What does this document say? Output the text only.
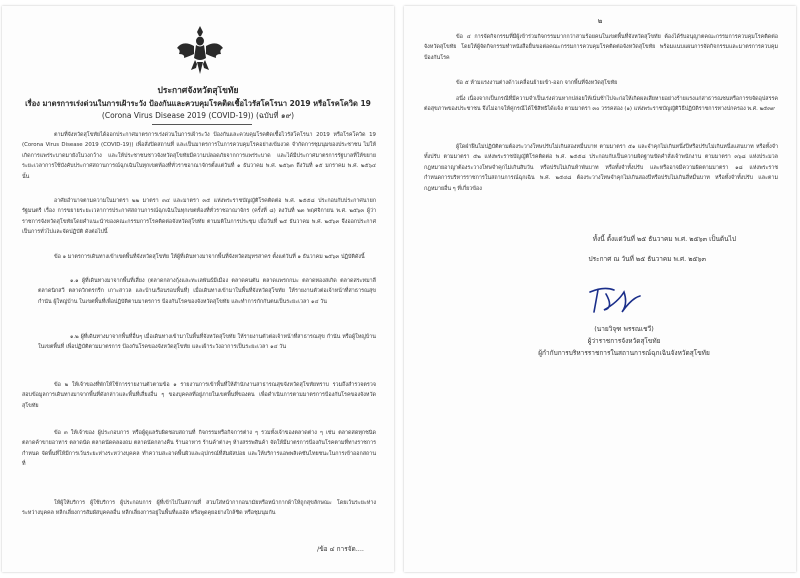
ประกาศจังหวัดสุโขทัย
เรื่อง มาตรการเร่งด่วนในการเฝ้าระวัง ป้องกันและควบคุมโรคติดเชื้อไวรัสโคโรนา 2019 หรือโรคโควิด 19
(Corona Virus Disease 2019 (COVID-19)) (ฉบับที่ ๑๙)
ตามที่จังหวัดสุโขทัยได้ออกประกาศมาตรการเร่งด่วนในการเฝ้าระวัง ป้องกันและควบคุมโรคติดเชื้อไวรัสโคโรนา 2019 หรือโรคโควิด 19 (Corona Virus Disease 2019 (COVID-19)) เพื่อสั่งปิดสถานที่ และเป็นมาตรการในการควบคุมโรคอย่างเข้มงวด จำกัดการชุมนุมของประชาชน ไม่ให้เกิดการแพร่ระบาดมายังในวงกว้าง และให้ประชาชนชาวจังหวัดสุโขทัยมีความปลอดภัยจากการแพร่ระบาด และได้มีประกาศมาตรการรัฐบาลที่ให้ขยายระยะเวลาการใช้บังคับประกาศสถานการณ์ฉุกเฉินในทุกเขตท้องที่ทั่วราชอาณาจักรตั้งแต่วันที่ ๑ ธันวาคม พ.ศ. ๒๕๖๓ ถึงวันที่ ๑๕ มกราคม พ.ศ. ๒๕๖๔ นั้น
อาศัยอำนาจตามความในมาตรา ๒๒ มาตรา ๓๔ และมาตรา ๓๕ แห่งพระราชบัญญัติโรคติดต่อ พ.ศ. ๒๕๕๘ ประกอบกับประกาศนายกรัฐมนตรี เรื่อง การขยายระยะเวลาการประกาศสถานการณ์ฉุกเฉินในทุกเขตท้องที่ทั่วราชอาณาจักร (ครั้งที่ ๘) ลงวันที่ ๒๓ พฤศจิกายน พ.ศ. ๒๕๖๓ ผู้ว่าราชการจังหวัดสุโขทัยโดยคำแนะนำของคณะกรรมการโรคติดต่อจังหวัดสุโขทัย ตามมติในการประชุม เมื่อวันที่ ๒๕ ธันวาคม พ.ศ. ๒๕๖๓ จึงออกประกาศเป็นการทั่วไปและจัดปฏิบัติ ดังต่อไปนี้
ข้อ ๑ มาตรการเดินทางเข้าเขตพื้นที่จังหวัดสุโขทัย ให้ผู้ที่เดินทางมาจากพื้นที่จังหวัดสมุทรสาคร ตั้งแต่วันที่ ๑ ธันวาคม ๒๕๖๓ ปฏิบัติดังนี้
๑.๑ ผู้ที่เดินทางมาจากพื้นที่เสี่ยง (ตลาดกลางกุ้งและทะเลพันธ์มีเมือง ตลาดคนตัน ตลาดแพรกกมะ ตลาดทองสเกิด ตลาดสระทมาลี ตลาดนิกสวี ตลาดวิกตรกรีก เกาะสาวล และบ้านเรือนรอบพื้นที่) เมื่อเดินทางเข้ามาในพื้นที่จังหวัดสุโขทัย ให้รายงานตัวต่อเจ้าหน้าที่สาธารณสุข กำนัน ผู้ใหญ่บ้าน ในเขตพื้นที่เพื่อปฏิบัติตามมาตรการ ป้องกันโรคของจังหวัดสุโขทัย และทำการกักกันตนเป็นระยะเวลา ๑๔ วัน
๑.๒ ผู้ที่เดินทางมาจากพื้นที่อื่นๆ เมื่อเดินทางเข้ามาในพื้นที่จังหวัดสุโขทัย ให้รายงานตัวต่อเจ้าหน้าที่สาธารณสุข กำนัน หรือผู้ใหญ่บ้าน ในเขตพื้นที่ เพื่อปฏิบัติตามมาตรการ ป้องกันโรคของจังหวัดสุโขทัย และเฝ้าระวังอาการเป็นระยะเวลา ๑๔ วัน
ข้อ ๒ ให้เจ้าของที่พักให้ใช้การรายงานตัวตามข้อ ๑ รายงานการเข้าพื้นที่ให้สำนักงานสาธารณสุขจังหวัดสุโขทัยทราบ รวมถึงสำรวจตรวจสอบข้อมูลการเดินทางมาจากพื้นที่ดังกล่าวและพื้นที่เสี่ยงอื่น ๆ ของบุคคลที่อยู่ภายในเขตพื้นที่ของตน เพื่อดำเนินการตามมาตรการป้องกันโรคของจังหวัดสุโขทัย
ข้อ ๓ ให้เจ้าของ ผู้ประกอบการ หรือผู้ดูแลรับผิดชอบสถานที่ กิจกรรมหรือกิจการต่าง ๆ รวมทั้งเจ้าของตลาดต่าง ๆ เช่น ตลาดสดทุกชนิด ตลาดค้าขายอาหาร ตลาดนัด ตลาดนัดคลองถม ตลาดนัดกลางคืน ร้านอาหาร ร้านค้าต่างๆ ห้างสรรพสินค้า จัดให้มีมาตรการป้องกันโรคตามที่ทางราชการกำหนด จัดพื้นที่ให้มีการเว้นระยะห่างระหว่างบุคคล ทำความสะอาดพื้นผิวและอุปกรณ์ที่สัมผัสบ่อย และให้บริการแอพพลิเคชันไทยชนะในการเข้าออกสถานที่
ให้ผู้ให้บริการ ผู้ใช้บริการ ผู้ประกอบการ ผู้ที่เข้าไปในสถานที่ สวมใส่หน้ากากอนามัยหรือหน้ากากผ้าให้ถูกสุขลักษณะ โดยเว้นระยะห่างระหว่างบุคคล หลีกเลี่ยงการสัมผัสบุคคลอื่น หลีกเลี่ยงการอยู่ในพื้นที่แออัด หรือพูดคุยอย่างใกล้ชิด หรือชุมนุมกัน
/ข้อ ๔ การจัด....
๒
ข้อ ๔ การจัดกิจกรรมที่มีผู้เข้าร่วมกิจกรรมมากกว่าสามร้อยคนในเขตพื้นที่จังหวัดสุโขทัย ต้องได้รับอนุญาตคณะกรรมการควบคุมโรคติดต่อจังหวัดสุโขทัย โดยให้ผู้จัดกิจกรรมทำหนังสือยื่นขอต่อคณะกรรมการควบคุมโรคติดต่อจังหวัดสุโขทัย พร้อมแนบแผนการจัดกิจกรรมและมาตรการควบคุม ป้องกันโรค
ข้อ ๕ ห้ามแรงงานต่างด้าวเคลื่อนย้ายเข้า-ออก จากพื้นที่จังหวัดสุโขทัย
อนึ่ง เนื่องจากเป็นกรณีที่มีความจำเป็นเร่งด่วนหากปล่อยให้เนิ่นช้าไปจะก่อให้เกิดผลเสียหายอย่างร้ายแรงแก่สาธารณชนหรือการขจัดอุปสรรคต่อสุขภาพของประชาชน จึงไม่อาจให้คู่กรณีได้ใช้สิทธิได้แจ้ง ตามมาตรา ๓๐ วรรคสอง (๑) แห่งพระราชบัญญัติวิธีปฏิบัติราชการทางปกครอง พ.ศ. ๒๕๓๙
ผู้ใดฝ่าฝืนไม่ปฏิบัติตามต้องระวางโทษปรับไม่เกินสองหมื่นบาท ตามมาตรา ๕๑ และจำคุกไม่เกินหนึ่งปีหรือปรับไม่เกินหนึ่งแสนบาท หรือทั้งจำทั้งปรับ ตามมาตรา ๕๒ แห่งพระราชบัญญัติโรคติดต่อ พ.ศ. ๒๕๕๘ ประกอบกับเป็นความผิดฐานขัดคำสั่งเจ้าพนักงาน ตามมาตรา ๓๖๘ แห่งประมวลกฎหมายอาญาต้องระวางโทษจำคุกไม่เกินสิบวัน หรือปรับไม่เกินห้าพันบาท หรือทั้งจำทั้งปรับ และหรืออาจมีความผิดตามมาตรา ๑๘ แห่งพระราชกำหนดการบริหารราชการในสถานการณ์ฉุกเฉิน พ.ศ. ๒๕๔๘ ต้องระวางโทษจำคุกไม่เกินสองปีหรือปรับไม่เกินสี่หมื่นบาท หรือทั้งจำทั้งปรับ และตามกฎหมายอื่น ๆ ที่เกี่ยวข้อง
ทั้งนี้ ตั้งแต่วันที่ ๒๕ ธันวาคม พ.ศ. ๒๕๖๓ เป็นต้นไป
ประกาศ ณ วันที่ ๒๕ ธันวาคม พ.ศ. ๒๕๖๓
(นายวิจุฑ พรรณเชวี)
ผู้ว่าราชการจังหวัดสุโขทัย
ผู้กำกับการบริหารราชการในสถานการณ์ฉุกเฉินจังหวัดสุโขทัย
